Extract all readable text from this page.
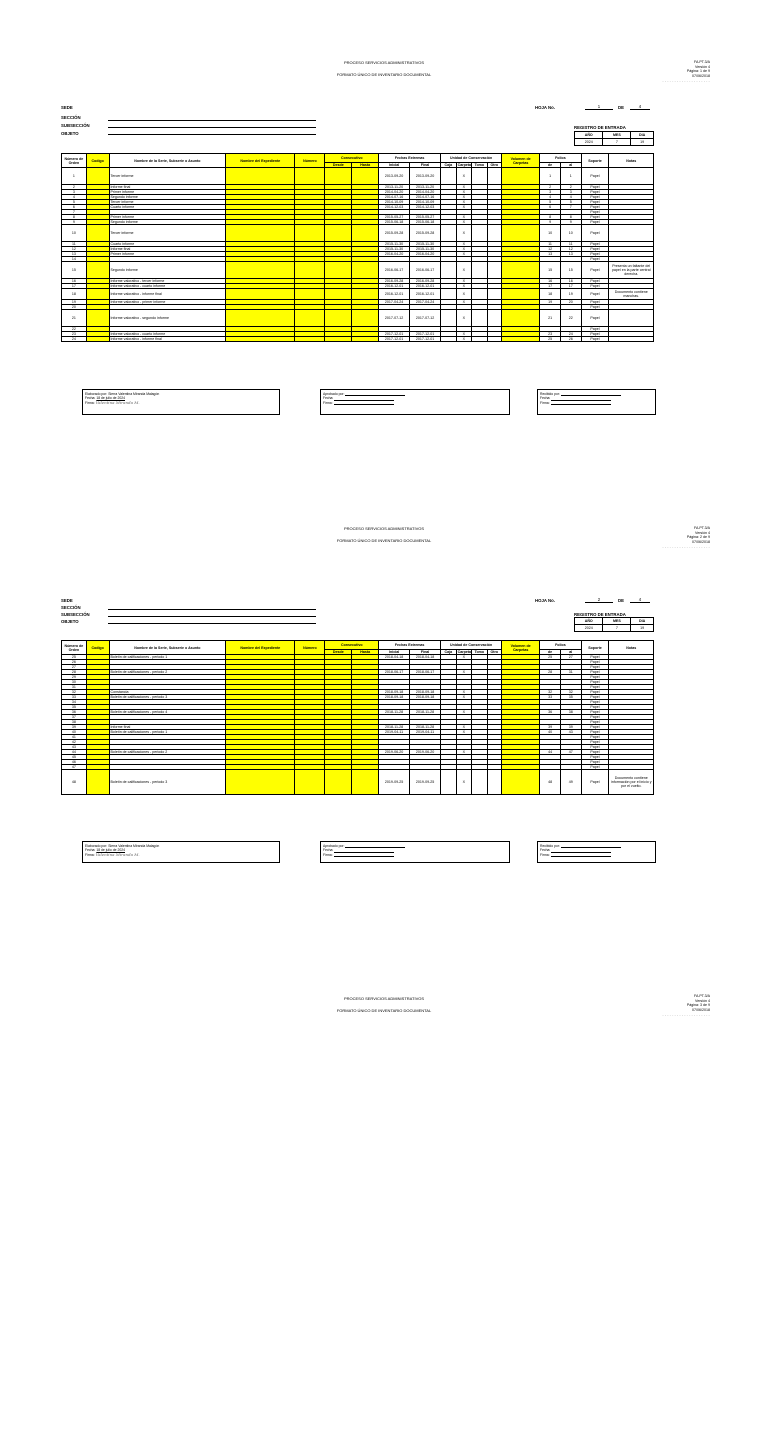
PROCESO SERVICIOS ADMINISTRATIVOS
FORMATO ÚNICO DE INVENTARIO DOCUMENTAL
FA.PT.3/A
Versión 4
Página: 1 de 9
07/06/2018
- - - - - - - - - - - - - - - - - - - -
SEDE
SECCIÓN
SUBSECCIÓN
OBJETO
HOJA No.	1	DE	4
REGISTRO DE ENTRADA
AÑO	MES	DIA
2024	7	19
Número de Orden	Codigo	Nombre de la Serie, Subserie o Asunto	Nombre del Expediente	Número	Consecutivo		Fechas Extremas		Unidad de Conservación				Volumen de Carpetas	Folios		Soporte	Notas
					Desde	Hasta	Inicial	Final	Caja	Carpeta	Tomo	Otro		de	al		
1		Tercer informe					2013-09-20	2013-09-20		X				1	1	Papel	
2		Informe final					2013-11-20	2013-11-20		X				2	2	Papel	
3		Primer informe					2014-04-20	2014-04-20		X				3	3	Papel	
4		Segundo informe					2014-07-16	2014-07-16		X				4	4	Papel	
5		Tercer informe					2014-10-09	2014-10-09		X				5	5	Papel	
6		Cuarto informe					2014-12-03	2014-12-03		X				6	7	Papel	
7																Papel	
8		Primer informe					2015-05-27	2015-05-27		X				8	8	Papel	
9		Segundo informe					2015-06-18	2015-06-18		X				9	9	Papel	
10		Tercer informe					2015-09-28	2015-09-28		X				10	10	Papel	
11		Cuarto informe					2015-11-30	2015-11-30		X				11	11	Papel	
12		Informe final					2015-11-30	2015-11-30		X				12	12	Papel	
13		Primer informe					2016-04-20	2016-04-20		X				13	13	Papel	
14																Papel	
15		Segundo informe					2016-06-17	2016-06-17		X				15	15	Papel	Presenta un faltante del papel en la parte central derecha.
16		Informe valorativo - tercer informe					2016-09-28	2016-09-28		X				16	16	Papel	
17		Informe valorativo - cuarto informe					2016-12-01	2016-12-01		X				17	17	Papel	
18		Informe valorativo - informe final					2016-12-01	2016-12-01		X				18	19	Papel	Documento contiene manchas.
19		Informe valorativo - primer informe					2017-04-24	2017-04-24		X				19	20	Papel	
20																Papel	
21		Informe valorativo - segundo informe					2017-07-12	2017-07-12		X				21	22	Papel	
22																Papel	
23		Informe valorativo - cuarto informe					2017-12-01	2017-12-01		X				23	24	Papel	
24		Informe valorativo - informe final					2017-12-01	2017-12-01		X				25	26	Papel	
Elaborado por: Sierra Valentina Miranda Malagón
Fecha: 18 de julio de 2024
Firma: Valentina Miranda M.
Aprobado por:
Fecha:
Firma:
Recibido por:
Fecha:
Firma:
PROCESO SERVICIOS ADMINISTRATIVOS
FORMATO ÚNICO DE INVENTARIO DOCUMENTAL
FA.PT.3/A
Versión 4
Página: 2 de 9
07/06/2018
- - - - - - - - - - - - - - - - - - - -
SEDE
SECCIÓN
SUBSECCIÓN
OBJETO
HOJA No.	2	DE	4
REGISTRO DE ENTRADA
AÑO	MES	DIA
2024	7	19
Número de Orden	Codigo	Nombre de la Serie, Subserie o Asunto	Nombre del Expediente	Número	Consecutivo		Fechas Extremas		Unidad de Conservación				Volumen de Carpetas	Folios		Soporte	Notas
					Desde	Hasta	Inicial	Final	Caja	Carpeta	Tomo	Otro		de	al		
25		Boletín de calificaciones - periodo 1					2018-04-18	2018-04-18		X				25	27	Papel	
26																Papel	
27																Papel	
28		Boletín de calificaciones - periodo 2					2018-06-17	2018-06-17		X				28	31	Papel	
29																Papel	
30																Papel	
31																Papel	
32		Constancia					2018-09-18	2018-09-18		X				32	32	Papel	
33		Boletín de calificaciones - periodo 3					2018-09-18	2018-09-18		X				33	35	Papel	
34																Papel	
35																Papel	
36		Boletín de calificaciones - periodo 4					2018-11-28	2018-11-28		X				36	38	Papel	
37																Papel	
38																Papel	
39		Informe final					2018-11-28	2018-11-28		X				39	39	Papel	
40		Boletín de calificaciones - periodo 1					2019-04-11	2019-04-11		X				40	43	Papel	
41																Papel	
42																Papel	
43																Papel	
44		Boletín de calificaciones - periodo 2					2019-06-20	2019-06-20		X				44	47	Papel	
45																Papel	
46																Papel	
47																Papel	
48		Boletín de calificaciones - periodo 3					2019-09-25	2019-09-25		X				48	49	Papel	Documento contiene información por el inicio y por el vuelto.
Elaborado por: Sierra Valentina Miranda Malagón
Fecha: 18 de julio de 2024
Firma: Valentina Miranda M.
Aprobado por:
Fecha:
Firma:
Recibido por:
Fecha:
Firma:
PROCESO SERVICIOS ADMINISTRATIVOS
FORMATO ÚNICO DE INVENTARIO DOCUMENTAL
FA.PT.3/A
Versión 4
Página: 3 de 9
07/06/2018
- - - - - - - - - - - - - - - - - - - -
